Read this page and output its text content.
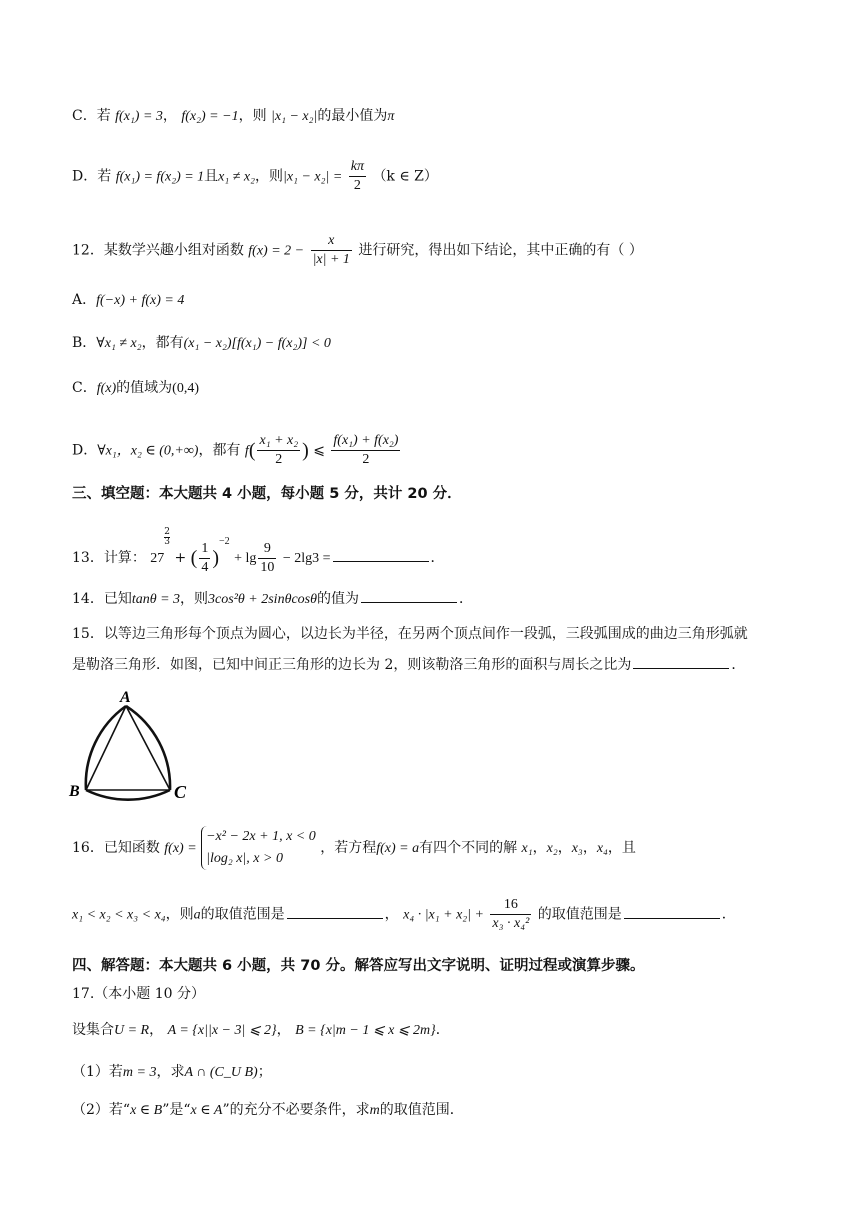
C．若 f(x₁) = 3， f(x₂) = −1，则 |x₁ − x₂|的最小值为π
D．若 f(x₁) = f(x₂) = 1且x₁ ≠ x₂，则$|x_1 - x_2| = \frac{k\pi}{2} (k$ ∈ Z）
12．某数学兴趣小组对函数 $f(x) = 2 - \frac{x}{|x| + 1}$ 进行研究，得出如下结论，其中正确的有（ ）
A．f(−x) + f(x) = 4
B．∀x₁ ≠ x₂，都有(x₁ − x₂)[f(x₁) − f(x₂)] < 0
C．f(x)的值域为(0,4)
D．∀x₁，x₂ ∈ (0,+∞)，都有 $f( \frac{\text{x₁ + x₂}}{2}$ ) ⩽ $\frac{\text{f(x₁) + f(x₂)}}{2}$
三、填空题：本大题共 4 小题，每小题 5 分，共计 20 分．
13．计算： 27
$\frac{2}{3}$
+ ( $\frac{1}{4} )^{-2} + \lg \frac{9}{10} - 2\lg 3$ =	．
14．已知tanθ = 3，则3cos²θ + 2sinθcosθ的值为	．
15．以等边三角形每个顶点为圆心，以边长为半径，在另两个顶点间作一段弧，三段弧围成的曲边三角形弧就
是勒洛三角形．如图，已知中间正三角形的边长为 2，则该勒洛三角形的面积与周长之比为	．
A
B	C
16．已知函数 f(x) =
−x² − 2x + 1, x < 0
|log₂ x|, x > 0
，若方程f(x) = a有四个不同的解 x₁，x₂，x₃，x₄，且
x₁ < x₂ < x₃ < x₄，则a的取值范围是	， $x_4 \cdot |x_1 + x_2| + \frac{16}{\text{x₃ · x₄²}}$ 的取值范围是	．
四、解答题：本大题共 6 小题，共 70 分。解答应写出文字说明、证明过程或演算步骤。
17.（本小题 10 分）
设集合U = R， A = {x||x − 3| ⩽ 2}， B = {x|m − 1 ⩽ x ⩽ 2m}．
（1）若m = 3，求A ∩ (C_U B)；
（2）若“x ∈ B”是“x ∈ A”的充分不必要条件，求m的取值范围．
